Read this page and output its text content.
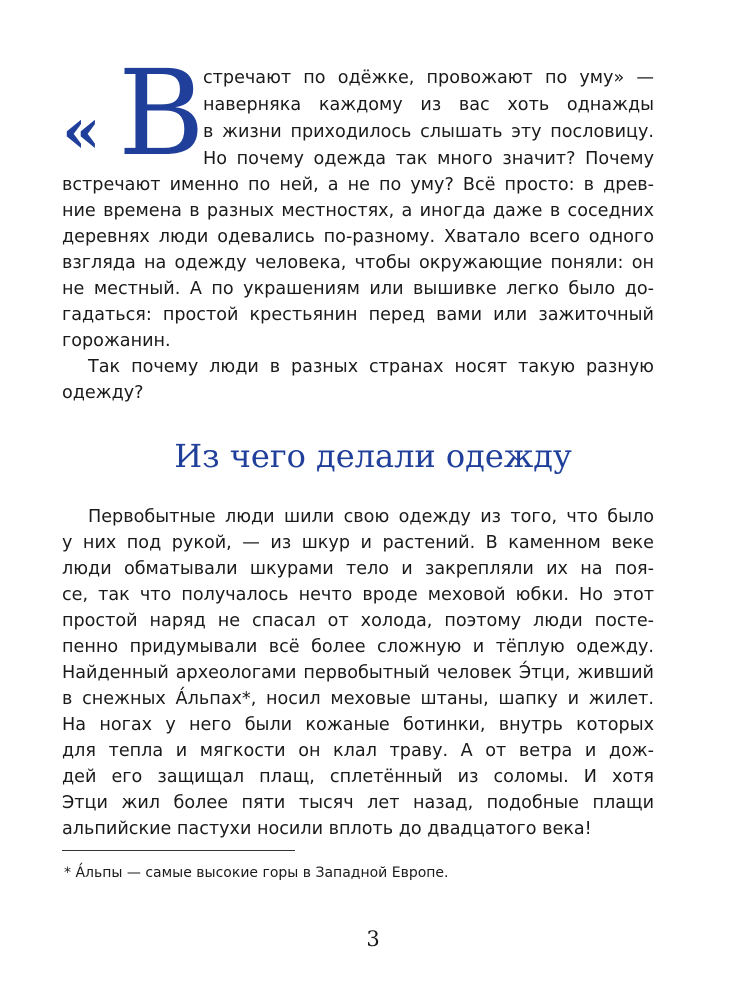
« В
стречают по одёжке, провожают по уму» —
наверняка каждому из вас хоть однажды
в жизни приходилось слышать эту пословицу.
Но почему одежда так много значит? Почему
встречают именно по ней, а не по уму? Всё просто: в древ-
ние времена в разных местностях, а иногда даже в соседних
деревнях люди одевались по-разному. Хватало всего одного
взгляда на одежду человека, чтобы окружающие поняли: он
не местный. А по украшениям или вышивке легко было до-
гадаться: простой крестьянин перед вами или зажиточный
горожанин.
Так почему люди в разных странах носят такую разную
одежду?
Из чего делали одежду
Первобытные люди шили свою одежду из того, что было
у них под рукой, — из шкур и растений. В каменном веке
люди обматывали шкурами тело и закрепляли их на поя-
се, так что получалось нечто вроде меховой юбки. Но этот
простой наряд не спасал от холода, поэтому люди посте-
пенно придумывали всё более сложную и тёплую одежду.
Найденный археологами первобытный человек Э́тци, живший
в снежных А́льпах*, носил меховые штаны, шапку и жилет.
На ногах у него были кожаные ботинки, внутрь которых
для тепла и мягкости он клал траву. А от ветра и дож-
дей его защищал плащ, сплетённый из соломы. И хотя
Этци жил более пяти тысяч лет назад, подобные плащи
альпийские пастухи носили вплоть до двадцатого века!
* А́льпы — самые высокие горы в Западной Европе.
3
